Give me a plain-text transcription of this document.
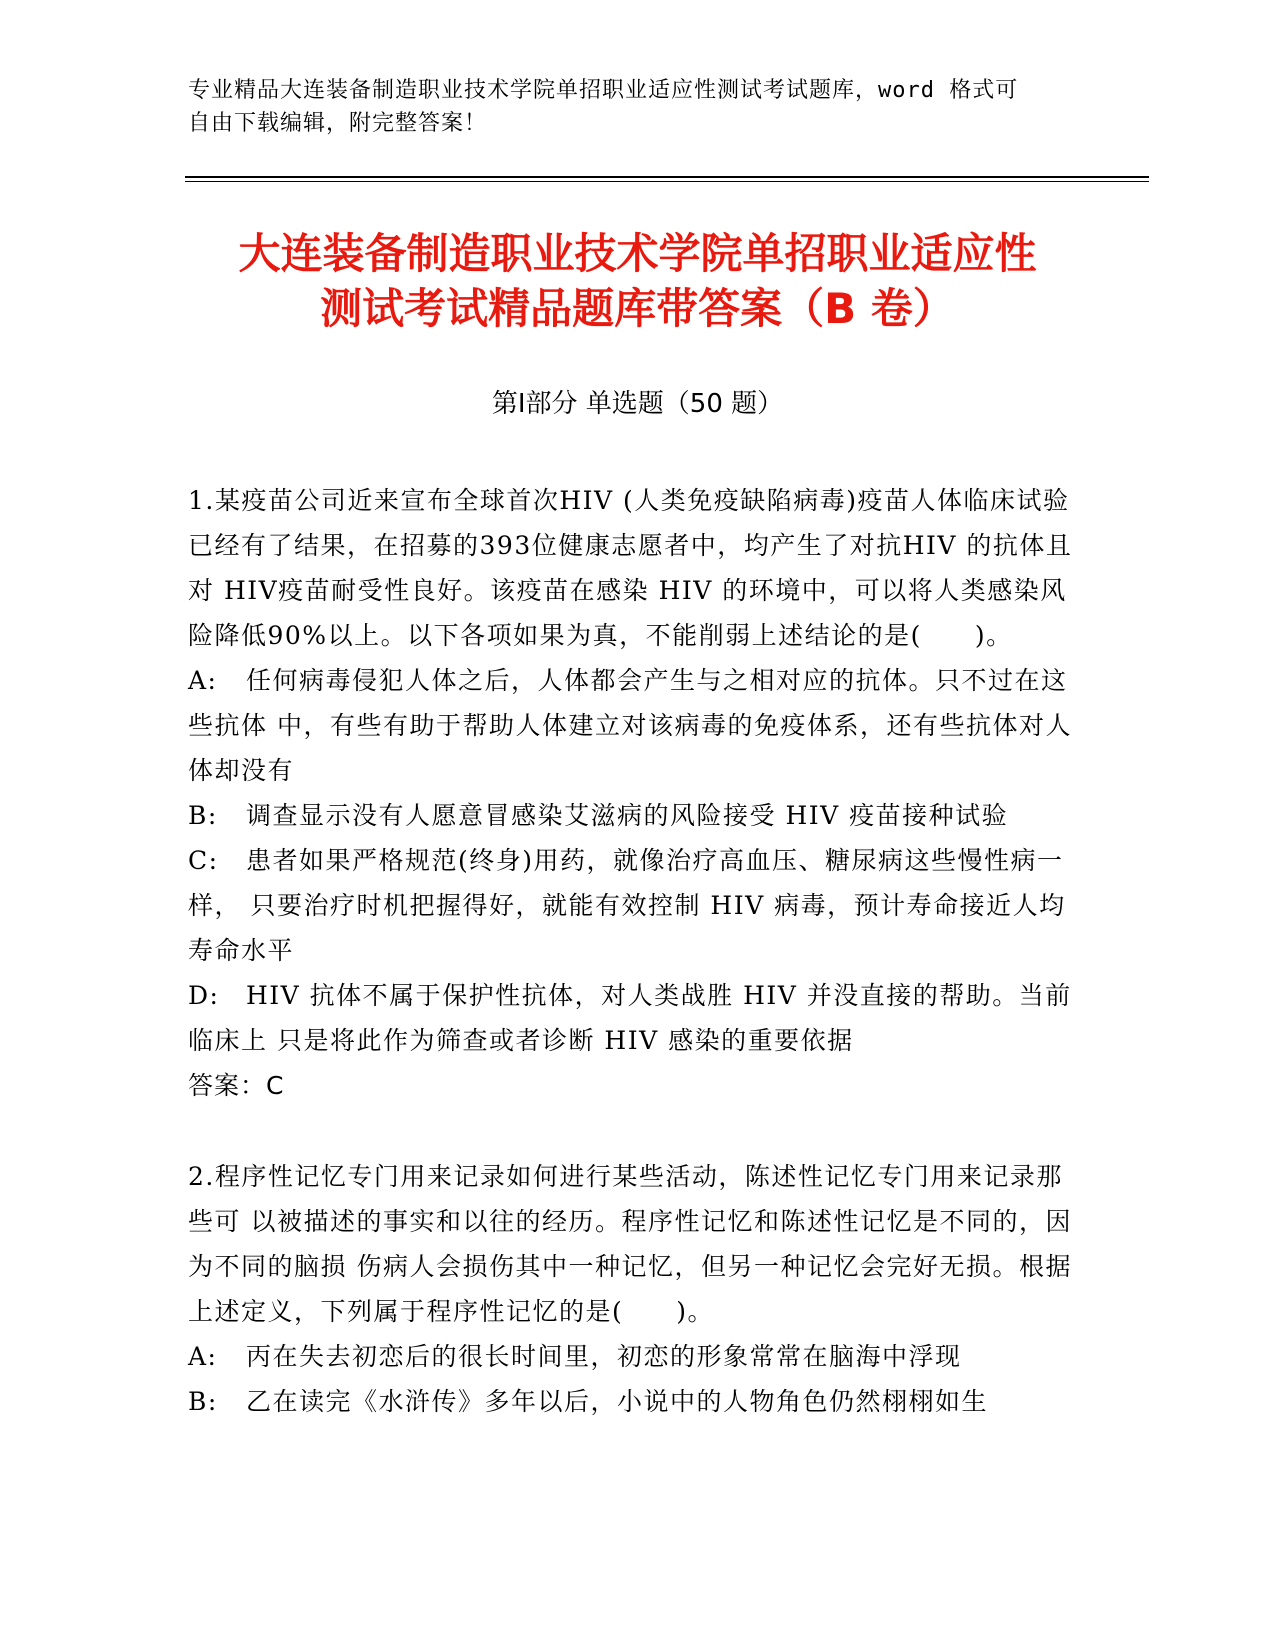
专业精品大连装备制造职业技术学院单招职业适应性测试考试题库，word 格式可
自由下载编辑，附完整答案！
大连装备制造职业技术学院单招职业适应性
测试考试精品题库带答案（B 卷）
第Ⅰ部分 单选题（50 题）

1.某疫苗公司近来宣布全球首次HIV (人类免疫缺陷病毒)疫苗人体临床试验 已经有了结果，在招募的393位健康志愿者中，均产生了对抗HIV 的抗体且对 HIV疫苗耐受性良好。该疫苗在感染 HIV 的环境中，可以将人类感染风险降低90%以上。以下各项如果为真，不能削弱上述结论的是(　　)。

A: 任何病毒侵犯人体之后，人体都会产生与之相对应的抗体。只不过在这些抗体 中，有些有助于帮助人体建立对该病毒的免疫体系，还有些抗体对人体却没有

B: 调查显示没有人愿意冒感染艾滋病的风险接受 HIV 疫苗接种试验

C: 患者如果严格规范(终身)用药，就像治疗高血压、糖尿病这些慢性病一样， 只要治疗时机把握得好，就能有效控制 HIV 病毒，预计寿命接近人均寿命水平

D: HIV 抗体不属于保护性抗体，对人类战胜 HIV 并没直接的帮助。当前临床上 只是将此作为筛查或者诊断 HIV 感染的重要依据

答案：C

2.程序性记忆专门用来记录如何进行某些活动，陈述性记忆专门用来记录那些可 以被描述的事实和以往的经历。程序性记忆和陈述性记忆是不同的，因为不同的脑损 伤病人会损伤其中一种记忆，但另一种记忆会完好无损。根据上述定义，下列属于程序性记忆的是(　　)。

A: 丙在失去初恋后的很长时间里，初恋的形象常常在脑海中浮现

B: 乙在读完《水浒传》多年以后，小说中的人物角色仍然栩栩如生
